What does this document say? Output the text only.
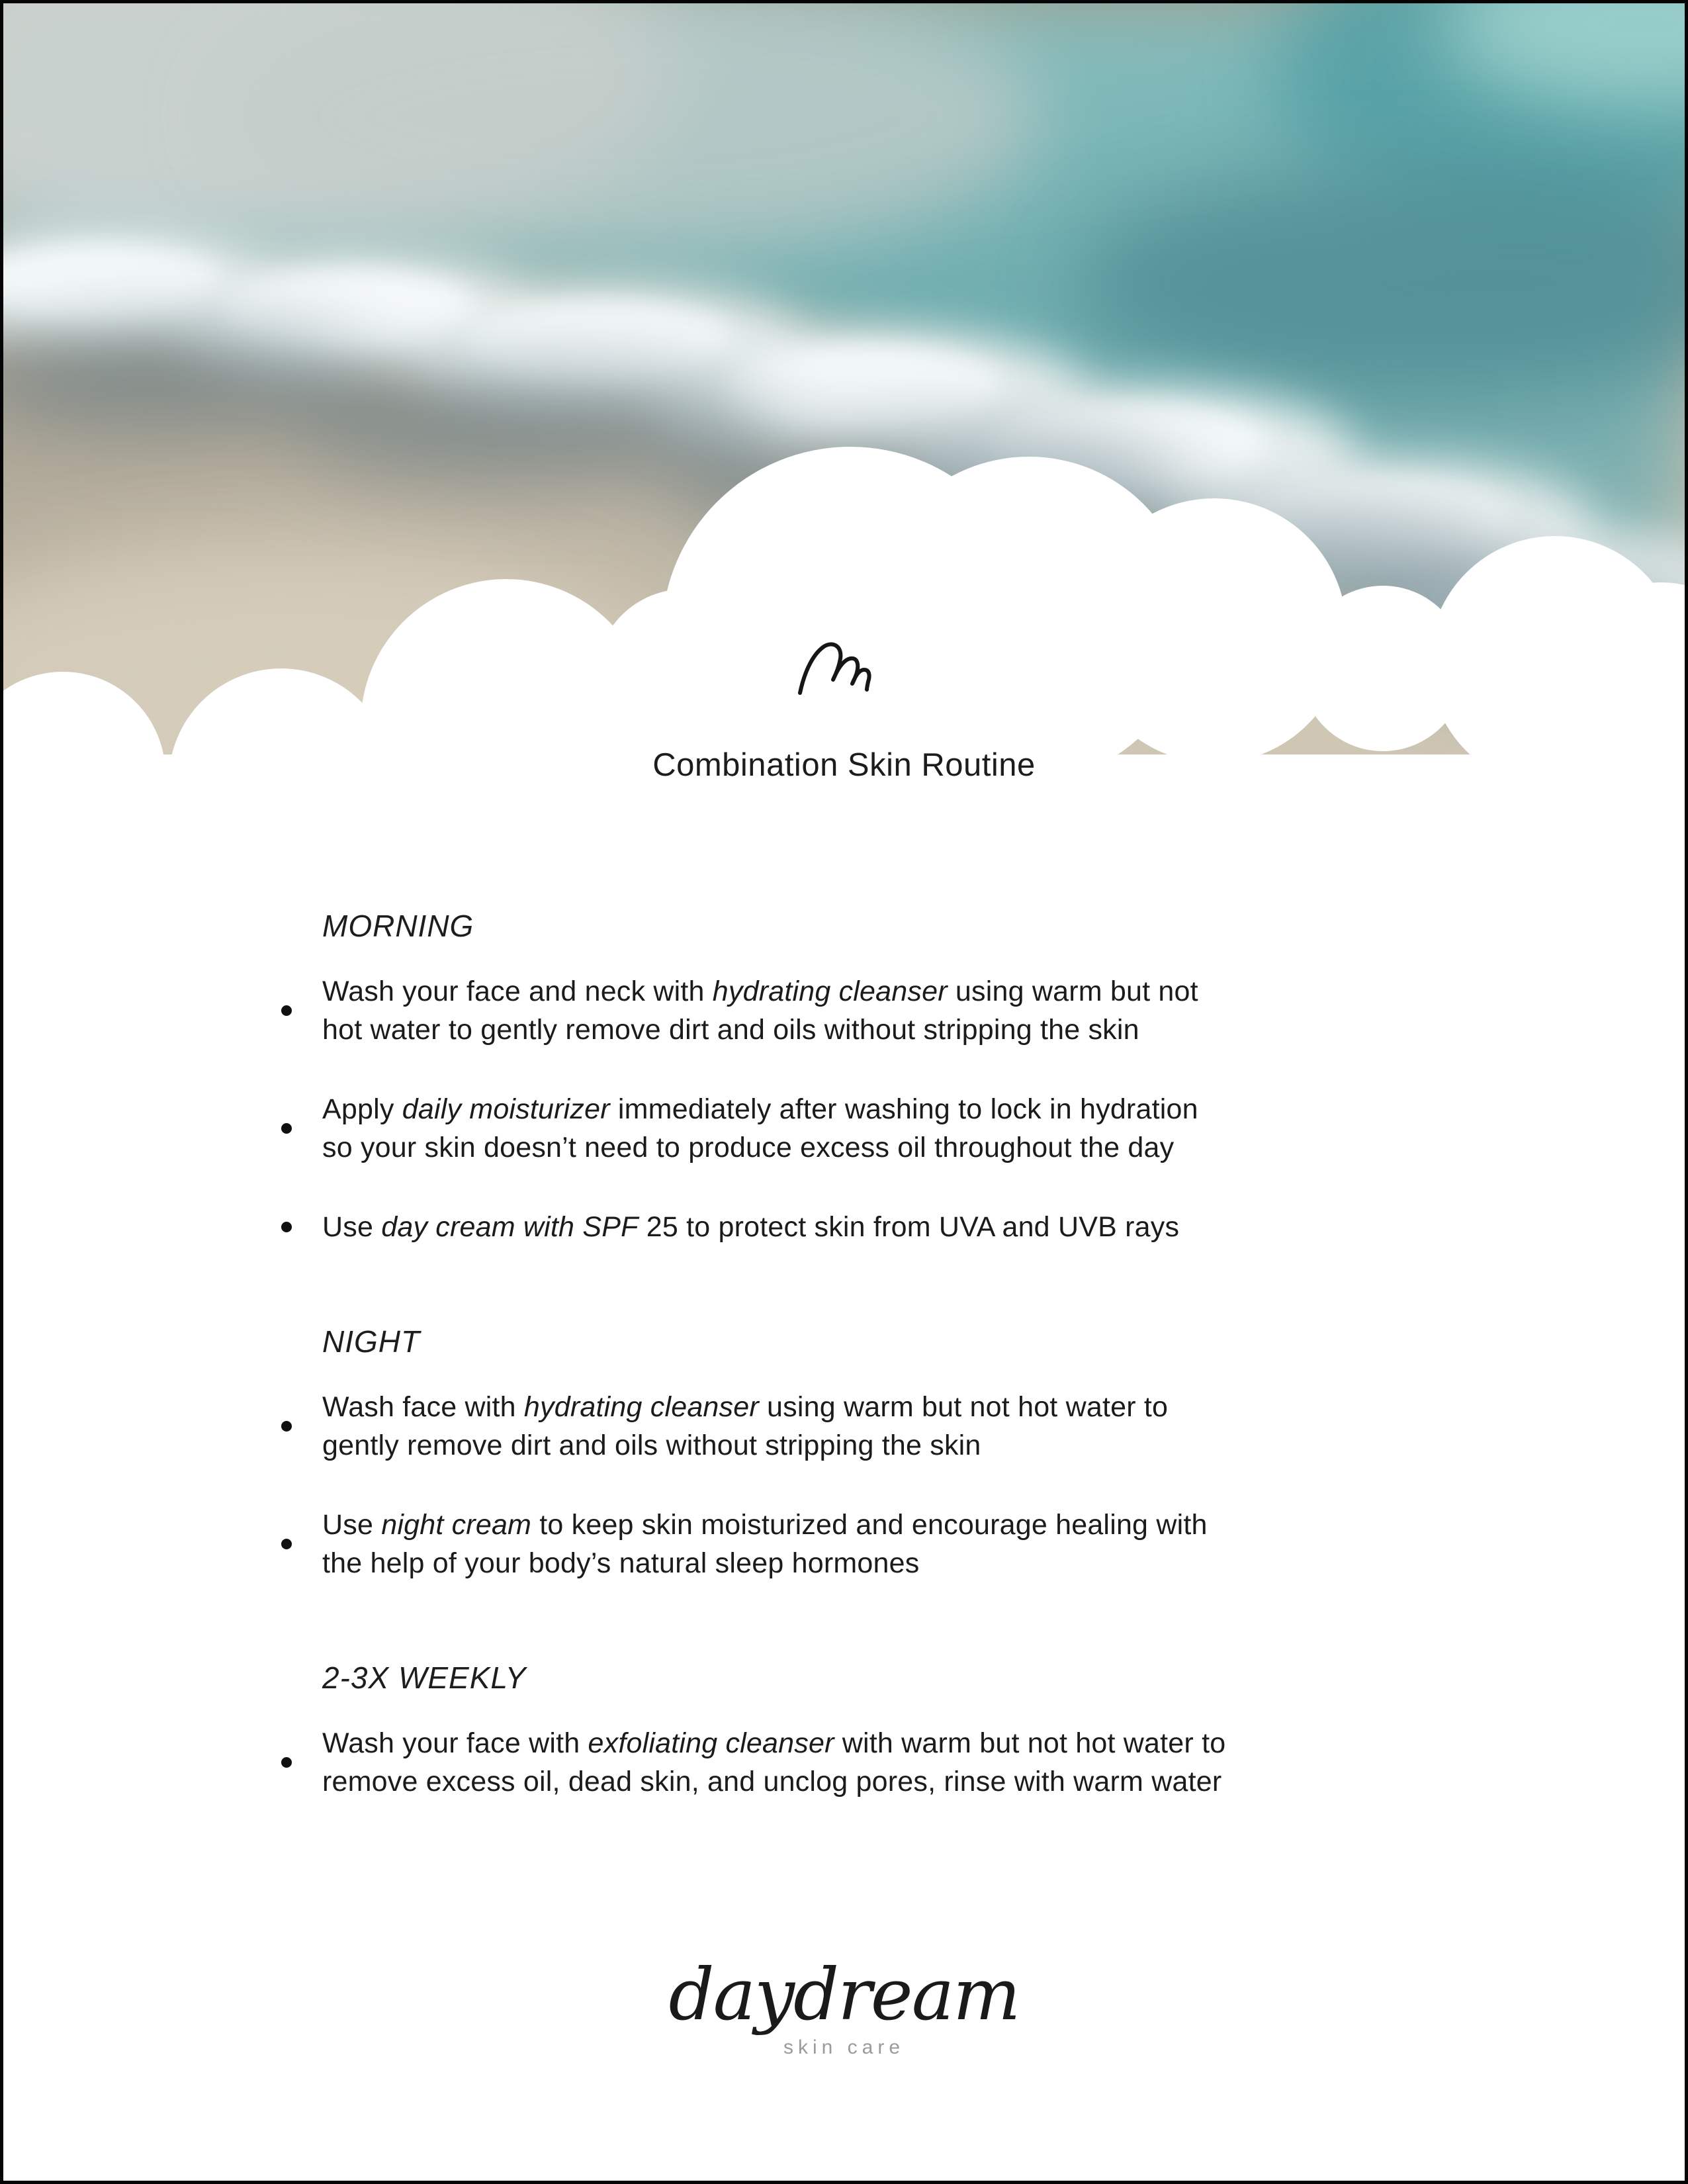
Combination Skin Routine
MORNING
Wash your face and neck with hydrating cleanser using warm but not
hot water to gently remove dirt and oils without stripping the skin
Apply daily moisturizer immediately after washing to lock in hydration
so your skin doesn’t need to produce excess oil throughout the day
Use day cream with SPF 25 to protect skin from UVA and UVB rays
NIGHT
Wash face with hydrating cleanser using warm but not hot water to
gently remove dirt and oils without stripping the skin
Use night cream to keep skin moisturized and encourage healing with
the help of your body’s natural sleep hormones
2-3X WEEKLY
Wash your face with exfoliating cleanser with warm but not hot water to
remove excess oil, dead skin, and unclog pores, rinse with warm water
daydream
skin care
